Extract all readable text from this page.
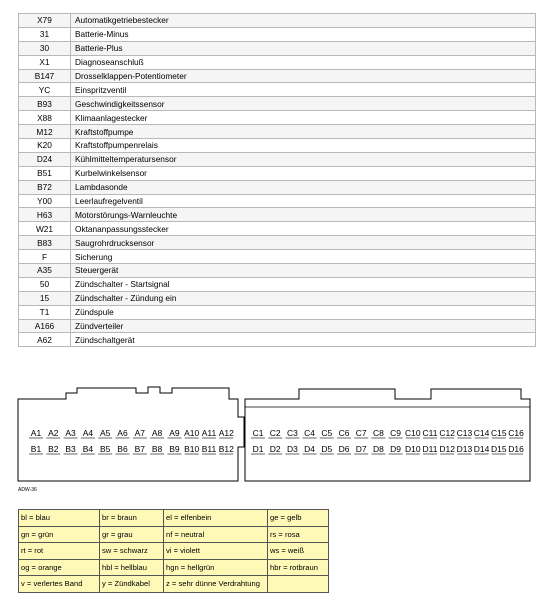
X79	Automatikgetriebestecker
31	Batterie-Minus
30	Batterie-Plus
X1	Diagnoseanschluß
B147	Drosselklappen-Potentiometer
YC	Einspritzventil
B93	Geschwindigkeitssensor
X88	Klimaanlagestecker
M12	Kraftstoffpumpe
K20	Kraftstoffpumpenrelais
D24	Kühlmitteltemperatursensor
B51	Kurbelwinkelsensor
B72	Lambdasonde
Y00	Leerlaufregelventil
H63	Motorstörungs-Warnleuchte
W21	Oktananpassungsstecker
B83	Saugrohrdrucksensor
F	Sicherung
A35	Steuergerät
50	Zündschalter - Startsignal
15	Zündschalter - Zündung ein
T1	Zündspule
A166	Zündverteiler
A62	Zündschaltgerät
A1 A2 A3 A4 A5 A6 A7 A8 A9 A10 A11 A12
B1 B2 B3 B4 B5 B6 B7 B8 B9 B10 B11 B12
C1 C2 C3 C4 C5 C6 C7 C8 C9 C10 C11 C12 C13 C14 C15 C16
D1 D2 D3 D4 D5 D6 D7 D8 D9 D10 D11 D12 D13 D14 D15 D16
ADW-36
bl = blau	br = braun	el = elfenbein	ge = gelb
gn = grün	gr = grau	nf = neutral	rs = rosa
rt = rot	sw = schwarz	vi = violett	ws = weiß
og = orange	hbl = hellblau	hgn = hellgrün	hbr = rotbraun
v = verlertes Band	y = Zündkabel	z = sehr dünne Verdrahtung	
